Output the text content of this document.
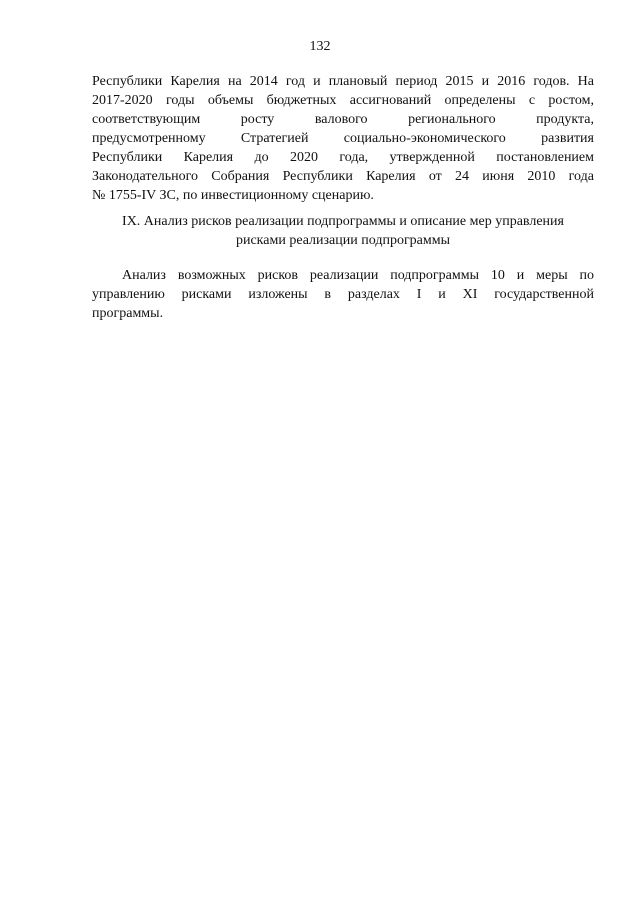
132
Республики Карелия на 2014 год и плановый период 2015 и 2016 годов. На
2017-2020 годы объемы бюджетных ассигнований определены с ростом,
соответствующим росту валового регионального продукта,
предусмотренному Стратегией социально-экономического развития
Республики Карелия до 2020 года, утвержденной постановлением
Законодательного Собрания Республики Карелия от 24 июня 2010 года
№ 1755-IV ЗС, по инвестиционному сценарию.
IX. Анализ рисков реализации подпрограммы и описание мер управления
рисками реализации подпрограммы
Анализ возможных рисков реализации подпрограммы 10 и меры по
управлению рисками изложены в разделах I и XI государственной
программы.
